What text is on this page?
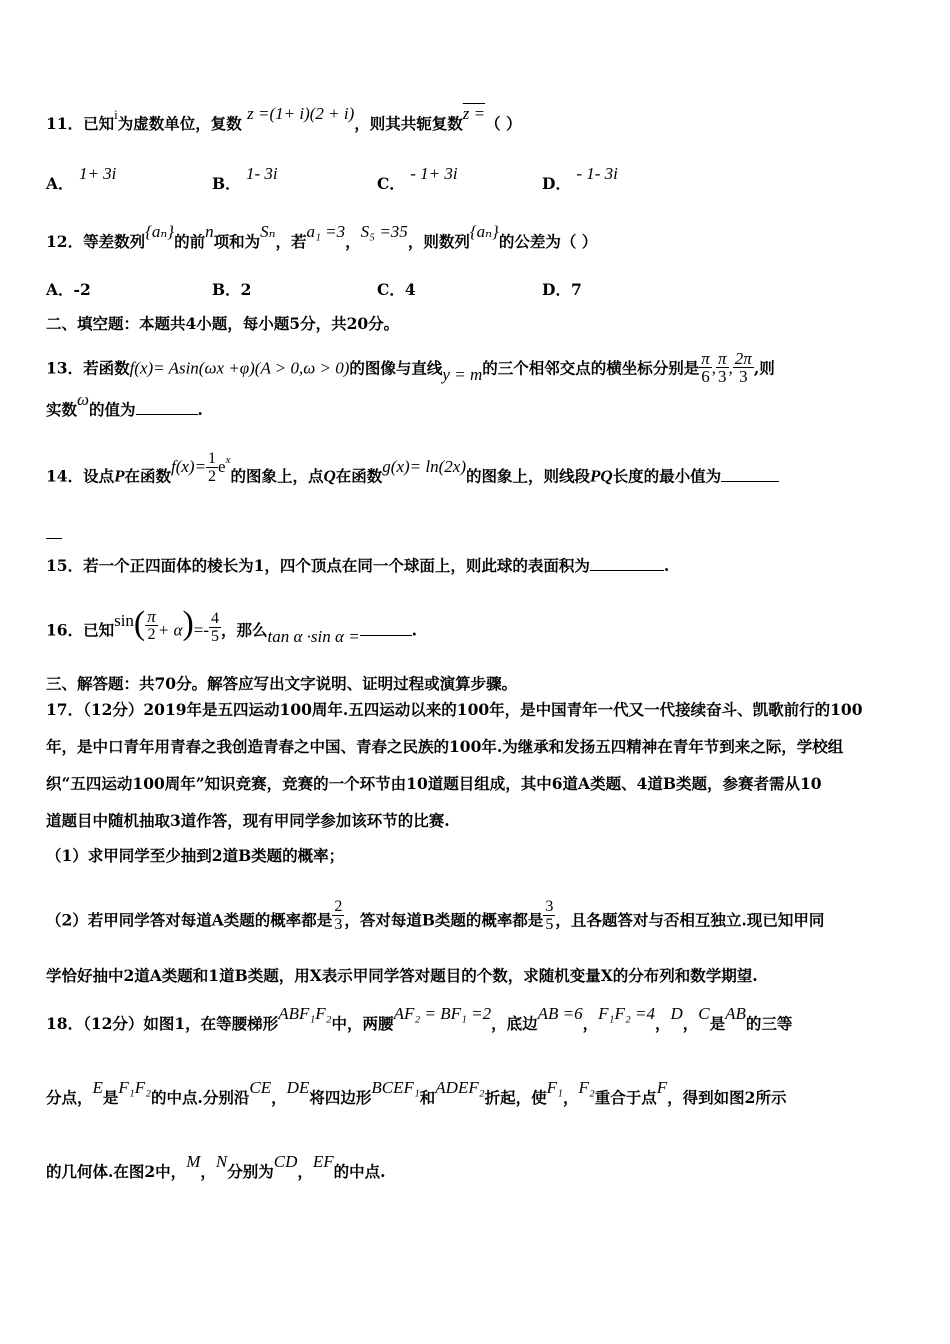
11．已知$^i$为虚数单位，复数 z =(1+ i)(2 + i)，则其共轭复数z =（ ）
A． 1+ 3i
B． 1- 3i
C． - 1+ 3i
D． - 1- 3i
12．等差数列{aₙ}的前n项和为Sₙ，若a₁ =3，S₅ =35，则数列{aₙ}的公差为（ ）
A．-2	B．2	C．4	D．7
二、填空题：本题共4小题，每小题5分，共20分。
13．若函数f(x)= Asin(ωx +φ)(A > 0,ω > 0)的图像与直线y = m的三个相邻交点的横坐标分别是 $\frac{\pi}{6}$ , $\frac{\pi}{3}$ , $\frac{2\pi}{3}$ ,则
实数ω的值为	.
14．设点P在函数$f(x)= \frac{1}{2} e^x$的图象上，点Q在函数g(x)= ln(2x)的图象上，则线段PQ长度的最小值为
15．若一个正四面体的棱长为1，四个顶点在同一个球面上，则此球的表面积为	.
16．已知$\sin( \frac{\pi}{2} + \alpha)=- \frac{4}{5}$ ，那么tan α ·sin α =	.
三、解答题：共70分。解答应写出文字说明、证明过程或演算步骤。
17．（12分）2019年是五四运动100周年.五四运动以来的100年，是中国青年一代又一代接续奋斗、凯歌前行的100
年，是中口青年用青春之我创造青春之中国、青春之民族的100年.为继承和发扬五四精神在青年节到来之际，学校组
织“五四运动100周年”知识竞赛，竞赛的一个环节由10道题目组成，其中6道A类题、4道B类题，参赛者需从10
道题目中随机抽取3道作答，现有甲同学参加该环节的比赛.
（1）求甲同学至少抽到2道B类题的概率；
（2）若甲同学答对每道A类题的概率都是 $\frac{2}{3}$ ，答对每道B类题的概率都是 $\frac{3}{5}$ ，且各题答对与否相互独立.现已知甲同
学恰好抽中2道A类题和1道B类题，用X表示甲同学答对题目的个数，求随机变量X的分布列和数学期望.
18．（12分）如图1，在等腰梯形ABF₁F₂中，两腰AF₂ = BF₁ =2，底边AB =6，F₁F₂ =4，D，C是AB的三等
分点，E是F₁F₂的中点.分别沿CE，DE将四边形BCEF₁和ADEF₂折起，使F₁，F₂重合于点F，得到如图2所示
的几何体.在图2中，M，N分别为CD，EF的中点.
